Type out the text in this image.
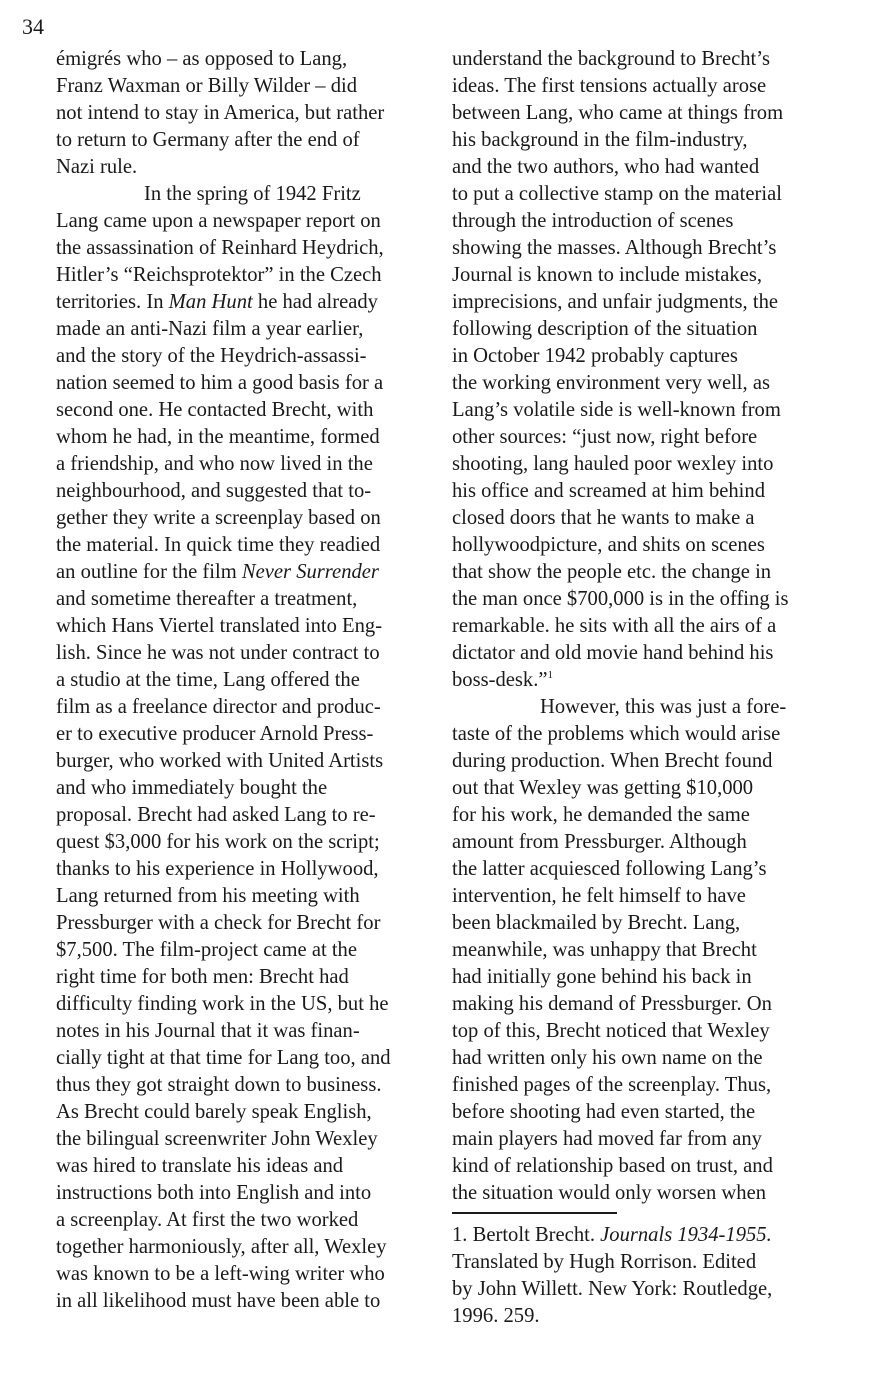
34
émigrés who – as opposed to Lang,
Franz Waxman or Billy Wilder – did
not intend to stay in America, but rather
to return to Germany after the end of
Nazi rule.
In the spring of 1942 Fritz
Lang came upon a newspaper report on
the assassination of Reinhard Heydrich,
Hitler’s “Reichsprotektor” in the Czech
territories. In Man Hunt he had already
made an anti-Nazi film a year earlier,
and the story of the Heydrich-assassi-
nation seemed to him a good basis for a
second one. He contacted Brecht, with
whom he had, in the meantime, formed
a friendship, and who now lived in the
neighbourhood, and suggested that to-
gether they write a screenplay based on
the material. In quick time they readied
an outline for the film Never Surrender
and sometime thereafter a treatment,
which Hans Viertel translated into Eng-
lish. Since he was not under contract to
a studio at the time, Lang offered the
film as a freelance director and produc-
er to executive producer Arnold Press-
burger, who worked with United Artists
and who immediately bought the
proposal. Brecht had asked Lang to re-
quest $3,000 for his work on the script;
thanks to his experience in Hollywood,
Lang returned from his meeting with
Pressburger with a check for Brecht for
$7,500. The film-project came at the
right time for both men: Brecht had
difficulty finding work in the US, but he
notes in his Journal that it was finan-
cially tight at that time for Lang too, and
thus they got straight down to business.
As Brecht could barely speak English,
the bilingual screenwriter John Wexley
was hired to translate his ideas and
instructions both into English and into
a screenplay. At first the two worked
together harmoniously, after all, Wexley
was known to be a left-wing writer who
in all likelihood must have been able to
understand the background to Brecht’s
ideas. The first tensions actually arose
between Lang, who came at things from
his background in the film-industry,
and the two authors, who had wanted
to put a collective stamp on the material
through the introduction of scenes
showing the masses. Although Brecht’s
Journal is known to include mistakes,
imprecisions, and unfair judgments, the
following description of the situation
in October 1942 probably captures
the working environment very well, as
Lang’s volatile side is well-known from
other sources: “just now, right before
shooting, lang hauled poor wexley into
his office and screamed at him behind
closed doors that he wants to make a
hollywoodpicture, and shits on scenes
that show the people etc. the change in
the man once $700,000 is in the offing is
remarkable. he sits with all the airs of a
dictator and old movie hand behind his
boss-desk.”$^1$
However, this was just a fore-
taste of the problems which would arise
during production. When Brecht found
out that Wexley was getting $10,000
for his work, he demanded the same
amount from Pressburger. Although
the latter acquiesced following Lang’s
intervention, he felt himself to have
been blackmailed by Brecht. Lang,
meanwhile, was unhappy that Brecht
had initially gone behind his back in
making his demand of Pressburger. On
top of this, Brecht noticed that Wexley
had written only his own name on the
finished pages of the screenplay. Thus,
before shooting had even started, the
main players had moved far from any
kind of relationship based on trust, and
the situation would only worsen when
1. Bertolt Brecht. Journals 1934-1955.
Translated by Hugh Rorrison. Edited
by John Willett. New York: Routledge,
1996. 259.
